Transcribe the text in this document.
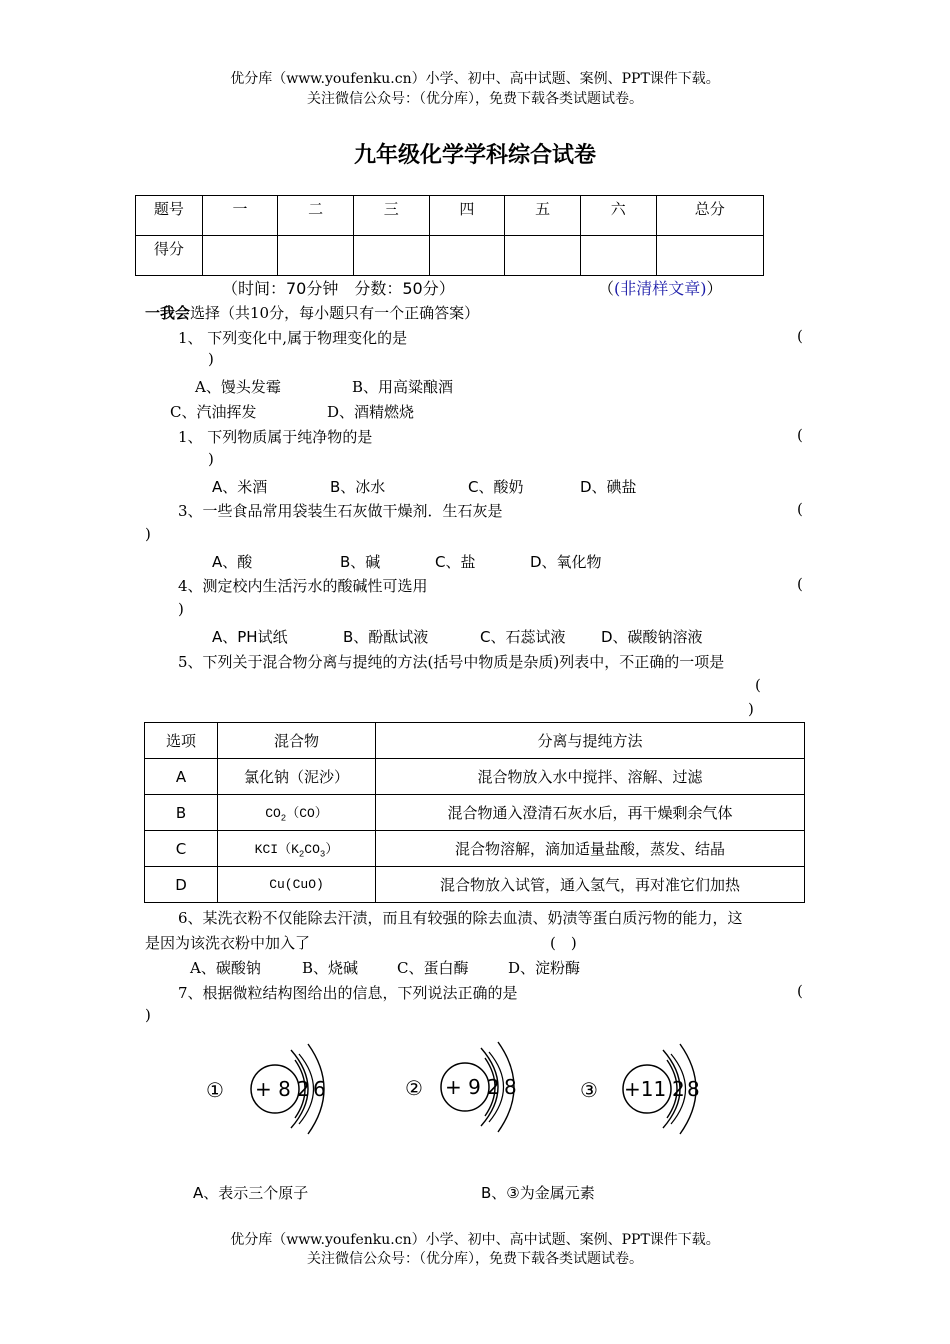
优分库（www.youfenku.cn）小学、初中、高中试题、案例、PPT课件下载。
关注微信公众号：（优分库），免费下载各类试题试卷。
九年级化学学科综合试卷
题号	一	二	三	四	五	六	总分
得分							
（时间：70分钟　分数：50分）	（(非清样文章)）
一我会选择（共10分，每小题只有一个正确答案）
1、 下列变化中,属于物理变化的是	(
)
A、馒头发霉	B、用高粱酿酒
C、汽油挥发	D、酒精燃烧
1、 下列物质属于纯净物的是	(
)
A、米酒	B、冰水	C、酸奶	D、碘盐
3、一些食品常用袋装生石灰做干燥剂．生石灰是	(
)
A、酸	B、碱	C、盐	D、氧化物
4、测定校内生活污水的酸碱性可选用	(
)
A、PH试纸	B、酚酞试液	C、石蕊试液 D、碳酸钠溶液
5、下列关于混合物分离与提纯的方法(括号中物质是杂质)列表中，不正确的一项是
(
)
选项	混合物	分离与提纯方法
A	氯化钠（泥沙）	混合物放入水中搅拌、溶解、过滤
B	$CO_2(CO)$	混合物通入澄清石灰水后，再干燥剩余气体
C	$KCI(K_2CO_3)$	混合物溶解，滴加适量盐酸，蒸发、结晶
D	Cu(CuO)	混合物放入试管，通入氢气，再对准它们加热
6、某洗衣粉不仅能除去汗渍，而且有较强的除去血渍、奶渍等蛋白质污物的能力，这
是因为该洗衣粉中加入了	(　)
A、碳酸钠	B、烧碱	C、蛋白酶	D、淀粉酶
7、根据微粒结构图给出的信息，下列说法正确的是	(
)
① + 8 2 6	② + 9 2 8	③ +11 2 8
A、表示三个原子	B、③为金属元素
优分库（www.youfenku.cn）小学、初中、高中试题、案例、PPT课件下载。
关注微信公众号：（优分库），免费下载各类试题试卷。
